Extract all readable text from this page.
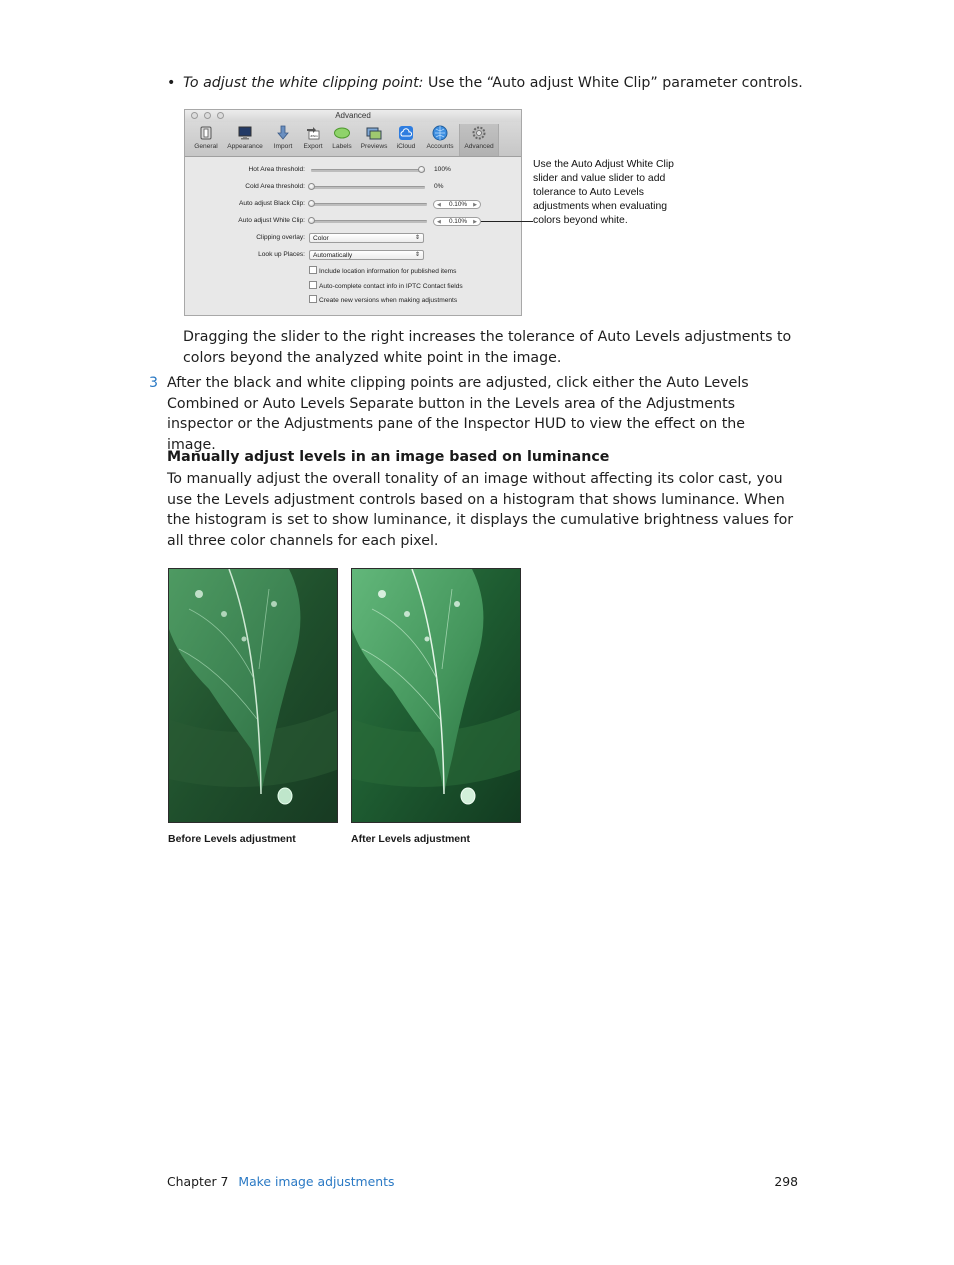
• To adjust the white clipping point: Use the “Auto adjust White Clip” parameter controls.
Advanced
General	Appearance	Import
JPEG
Export	Labels	Previews	iCloud	Accounts	Advanced
Hot Area threshold:	100%
Cold Area threshold:	0%
Auto adjust Black Clip:	◀	0.10%	▶
Auto adjust White Clip:	◀	0.10%	▶
Clipping overlay: Color	⇕
Look up Places: Automatically	⇕
Include location information for published items
Auto-complete contact info in IPTC Contact fields
Create new versions when making adjustments
Use the Auto Adjust White Clip slider and value slider to add tolerance to Auto Levels adjustments when evaluating colors beyond white.
Dragging the slider to the right increases the tolerance of Auto Levels adjustments to colors beyond the analyzed white point in the image.
3 After the black and white clipping points are adjusted, click either the Auto Levels Combined or Auto Levels Separate button in the Levels area of the Adjustments inspector or the Adjustments pane of the Inspector HUD to view the effect on the image.
Manually adjust levels in an image based on luminance
To manually adjust the overall tonality of an image without affecting its color cast, you use the Levels adjustment controls based on a histogram that shows luminance. When the histogram is set to show luminance, it displays the cumulative brightness values for all three color channels for each pixel.
Before Levels adjustment	After Levels adjustment
Chapter 7 Make image adjustments	298
